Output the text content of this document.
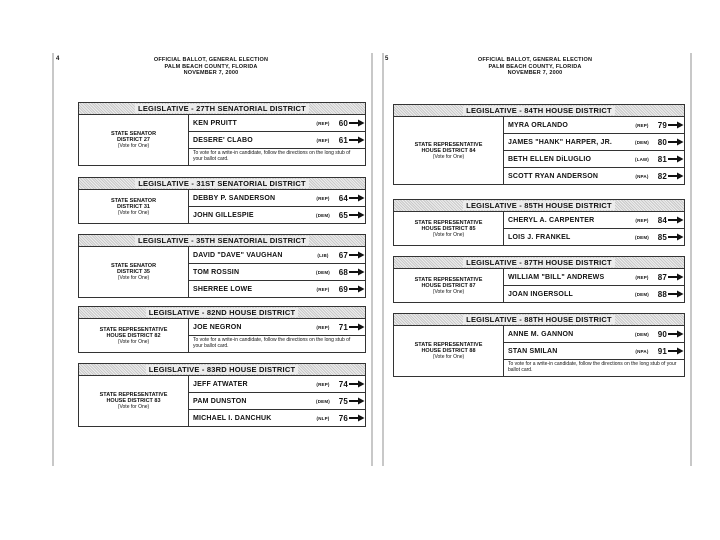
4	OFFICIAL BALLOT, GENERAL ELECTION
PALM BEACH COUNTY, FLORIDA
NOVEMBER 7, 2000
LEGISLATIVE - 27TH SENATORIAL DISTRICT
STATE SENATOR
DISTRICT 27
(Vote for One)
KEN PRUITT	(REP)	60
DESERE' CLABO	(REF)	61
To vote for a write-in candidate, follow the directions on the long stub of your ballot card.
LEGISLATIVE - 31ST SENATORIAL DISTRICT
STATE SENATOR
DISTRICT 31
(Vote for One)
DEBBY P. SANDERSON	(REP)	64
JOHN GILLESPIE	(DEM)	65
LEGISLATIVE - 35TH SENATORIAL DISTRICT
STATE SENATOR
DISTRICT 35
(Vote for One)
DAVID "DAVE" VAUGHAN	(LIB)	67
TOM ROSSIN	(DEM)	68
SHERREE LOWE	(REF)	69
LEGISLATIVE - 82ND HOUSE DISTRICT
STATE REPRESENTATIVE
HOUSE DISTRICT 82
(Vote for One)
JOE NEGRON	(REP)	71
To vote for a write-in candidate, follow the directions on the long stub of your ballot card.
LEGISLATIVE - 83RD HOUSE DISTRICT
STATE REPRESENTATIVE
HOUSE DISTRICT 83
(Vote for One)
JEFF ATWATER	(REP)	74
PAM DUNSTON	(DEM)	75
MICHAEL I. DANCHUK	(NLP)	76
5	OFFICIAL BALLOT, GENERAL ELECTION
PALM BEACH COUNTY, FLORIDA
NOVEMBER 7, 2000
LEGISLATIVE - 84TH HOUSE DISTRICT
STATE REPRESENTATIVE
HOUSE DISTRICT 84
(Vote for One)
MYRA ORLANDO	(REP)	79
JAMES "HANK" HARPER, JR.	(DEM)	80
BETH ELLEN DiLUGLIO	(LAW)	81
SCOTT RYAN ANDERSON	(NPA)	82
LEGISLATIVE - 85TH HOUSE DISTRICT
STATE REPRESENTATIVE
HOUSE DISTRICT 85
(Vote for One)
CHERYL A. CARPENTER	(REP)	84
LOIS J. FRANKEL	(DEM)	85
LEGISLATIVE - 87TH HOUSE DISTRICT
STATE REPRESENTATIVE
HOUSE DISTRICT 87
(Vote for One)
WILLIAM "BILL" ANDREWS	(REP)	87
JOAN INGERSOLL	(DEM)	88
LEGISLATIVE - 88TH HOUSE DISTRICT
STATE REPRESENTATIVE
HOUSE DISTRICT 88
(Vote for One)
ANNE M. GANNON	(DEM)	90
STAN SMILAN	(NPA)	91
To vote for a write-in candidate, follow the directions on the long stub of your ballot card.
